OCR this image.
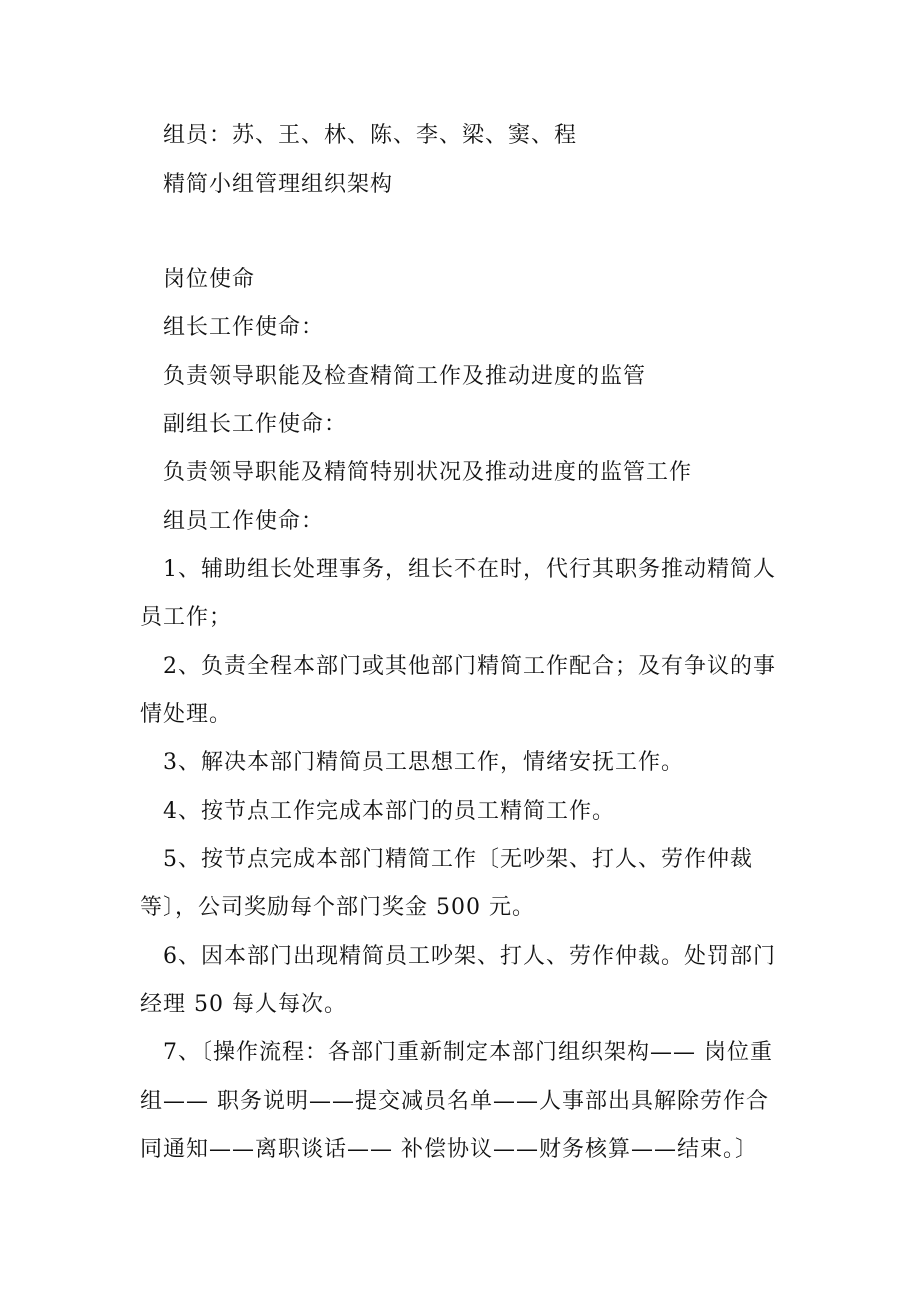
组员：苏、王、林、陈、李、梁、窦、程
精简小组管理组织架构
岗位使命
组长工作使命：
负责领导职能及检查精简工作及推动进度的监管
副组长工作使命：
负责领导职能及精简特别状况及推动进度的监管工作
组员工作使命：
1、辅助组长处理事务，组长不在时，代行其职务推动精简人
员工作；
2、负责全程本部门或其他部门精简工作配合；及有争议的事
情处理。
3、解决本部门精简员工思想工作，情绪安抚工作。
4、按节点工作完成本部门的员工精简工作。
5、按节点完成本部门精简工作〔无吵架、打人、劳作仲裁
等〕，公司奖励每个部门奖金 500 元。
6、因本部门出现精简员工吵架、打人、劳作仲裁。处罚部门
经理 50 每人每次。
7、〔操作流程：各部门重新制定本部门组织架构—— 岗位重
组—— 职务说明——提交减员名单——人事部出具解除劳作合
同通知——离职谈话—— 补偿协议——财务核算——结束。〕
